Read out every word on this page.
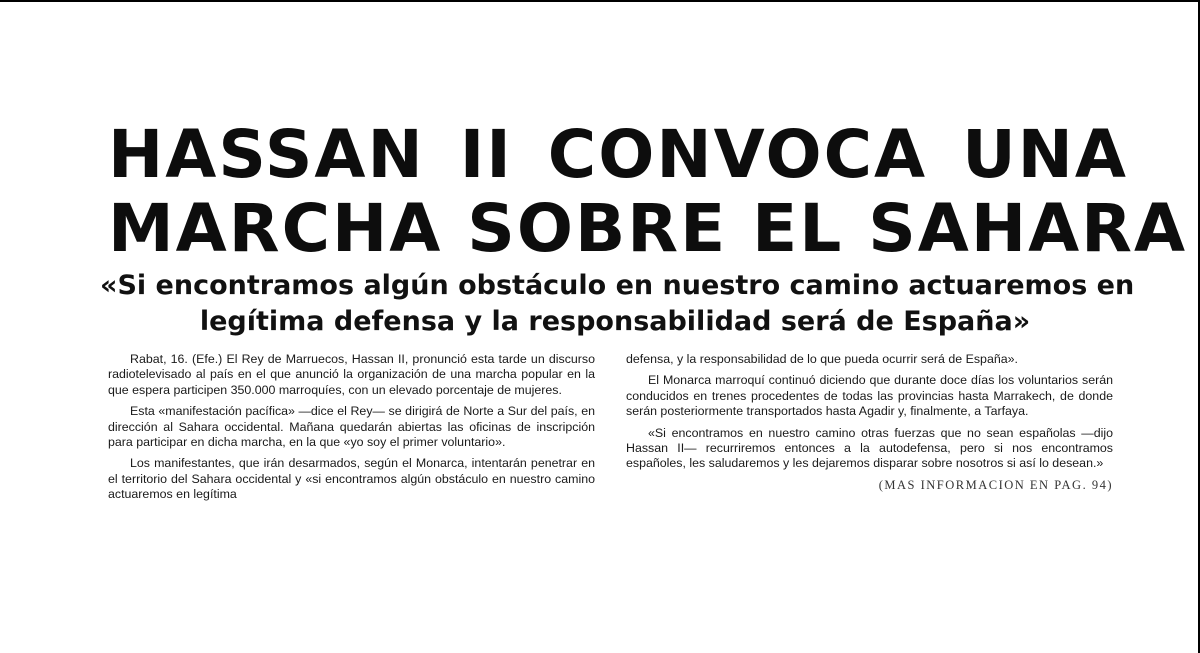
HASSAN II CONVOCA UNA
MARCHA SOBRE EL SAHARA
«Si encontramos algún obstáculo en nuestro camino actuaremos en
legítima defensa y la responsabilidad será de España»

Rabat, 16. (Efe.) El Rey de Marruecos, Hassan II, pronunció esta tarde un discurso radiotelevisado al país en el que anunció la organización de una marcha popular en la que espera participen 350.000 marroquíes, con un elevado porcentaje de mujeres.

Esta «manifestación pacífica» —dice el Rey— se dirigirá de Norte a Sur del país, en dirección al Sahara occidental. Mañana quedarán abiertas las oficinas de inscripción para participar en dicha marcha, en la que «yo soy el primer voluntario».

Los manifestantes, que irán desarmados, según el Monarca, intentarán penetrar en el territorio del Sahara occidental y «si encontramos algún obstáculo en nuestro camino actuaremos en legítima

defensa, y la responsabilidad de lo que pueda ocurrir será de España».

El Monarca marroquí continuó diciendo que durante doce días los voluntarios serán conducidos en trenes procedentes de todas las provincias hasta Marrakech, de donde serán posteriormente transportados hasta Agadir y, finalmente, a Tarfaya.

«Si encontramos en nuestro camino otras fuerzas que no sean españolas —dijo Hassan II— recurriremos entonces a la autodefensa, pero si nos encontramos españoles, les saludaremos y les dejaremos disparar sobre nosotros si así lo desean.»

(MAS INFORMACION EN PAG. 94)
